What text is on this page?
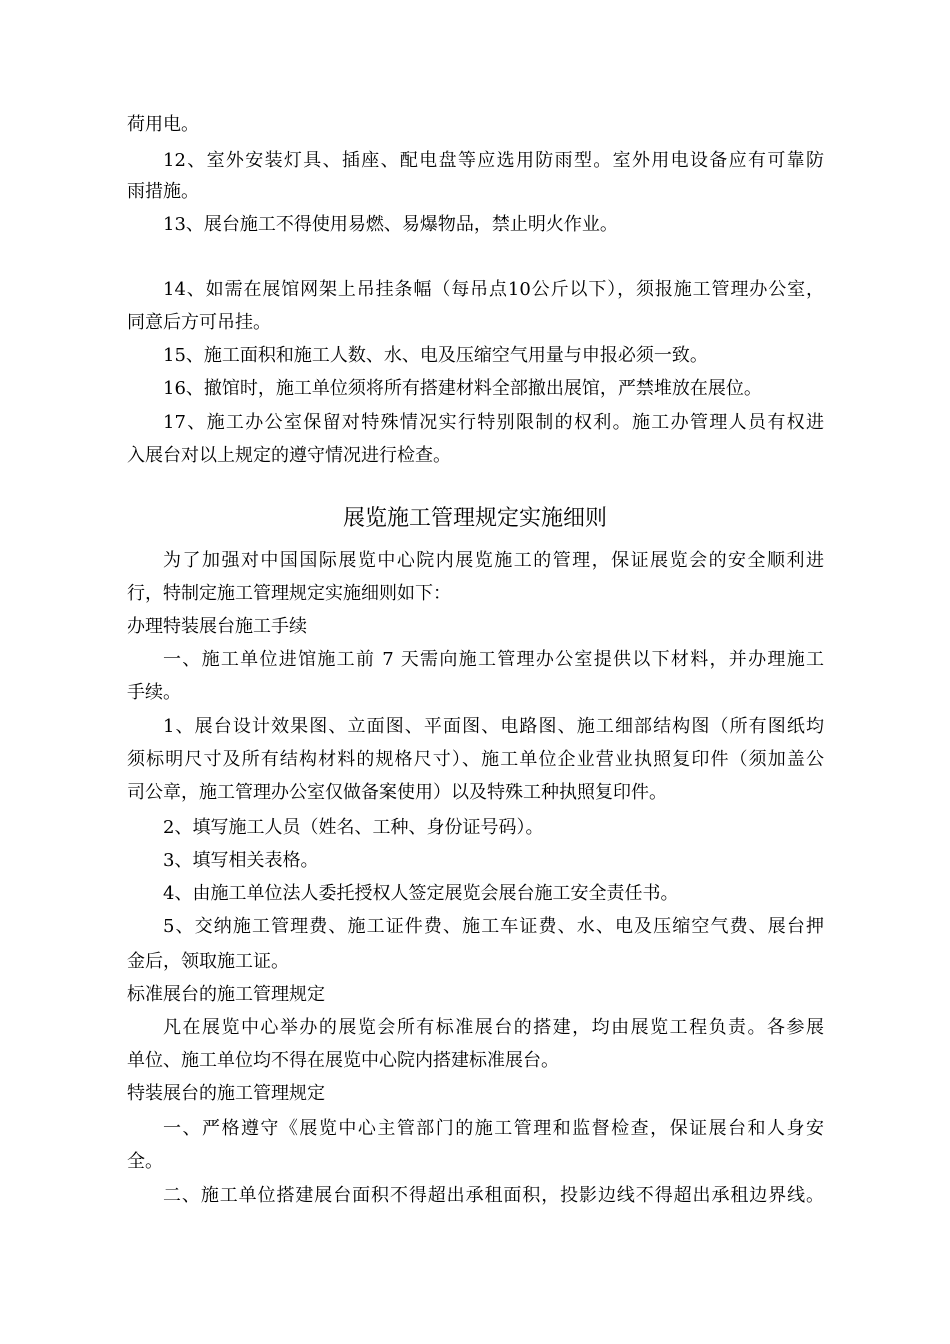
荷用电。
12、室外安装灯具、插座、配电盘等应选用防雨型。室外用电设备应有可靠防
雨措施。
13、展台施工不得使用易燃、易爆物品，禁止明火作业。
14、如需在展馆网架上吊挂条幅（每吊点10公斤以下），须报施工管理办公室，
同意后方可吊挂。
15、施工面积和施工人数、水、电及压缩空气用量与申报必须一致。
16、撤馆时，施工单位须将所有搭建材料全部撤出展馆，严禁堆放在展位。
17、施工办公室保留对特殊情况实行特别限制的权利。施工办管理人员有权进
入展台对以上规定的遵守情况进行检查。
展览施工管理规定实施细则
为了加强对中国国际展览中心院内展览施工的管理，保证展览会的安全顺利进
行，特制定施工管理规定实施细则如下：
办理特装展台施工手续
一、施工单位进馆施工前 7 天需向施工管理办公室提供以下材料，并办理施工
手续。
1、展台设计效果图、立面图、平面图、电路图、施工细部结构图（所有图纸均
须标明尺寸及所有结构材料的规格尺寸）、施工单位企业营业执照复印件（须加盖公
司公章，施工管理办公室仅做备案使用）以及特殊工种执照复印件。
2、填写施工人员（姓名、工种、身份证号码）。
3、填写相关表格。
4、由施工单位法人委托授权人签定展览会展台施工安全责任书。
5、交纳施工管理费、施工证件费、施工车证费、水、电及压缩空气费、展台押
金后，领取施工证。
标准展台的施工管理规定
凡在展览中心举办的展览会所有标准展台的搭建，均由展览工程负责。各参展
单位、施工单位均不得在展览中心院内搭建标准展台。
特装展台的施工管理规定
一、严格遵守《展览中心主管部门的施工管理和监督检查，保证展台和人身安
全。
二、施工单位搭建展台面积不得超出承租面积，投影边线不得超出承租边界线。
